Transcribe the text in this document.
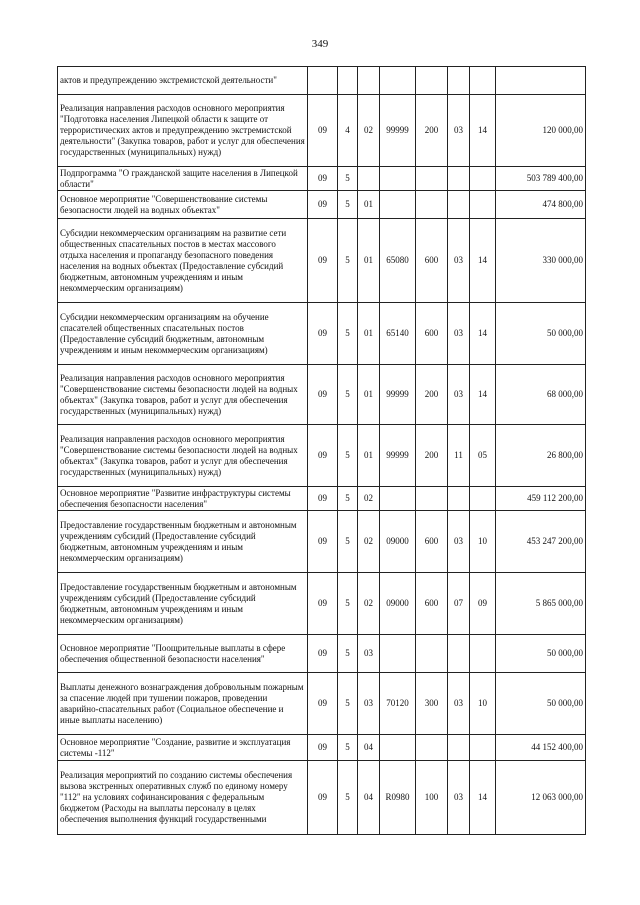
349
актов и предупреждению экстремистской деятельности"								
Реализация направления расходов основного мероприятия "Подготовка населения Липецкой области к защите от террористических актов и предупреждению экстремистской деятельности" (Закупка товаров, работ и услуг для обеспечения государственных (муниципальных) нужд)	09	4	02	99999	200	03	14	120 000,00
Подпрограмма "О гражданской защите населения в Липецкой области"	09	5						503 789 400,00
Основное мероприятие "Совершенствование системы безопасности людей на водных объектах"	09	5	01					474 800,00
Субсидии некоммерческим организациям на развитие сети общественных спасательных постов в местах массового отдыха населения и пропаганду безопасного поведения населения на водных объектах (Предоставление субсидий бюджетным, автономным учреждениям и иным некоммерческим организациям)	09	5	01	65080	600	03	14	330 000,00
Субсидии некоммерческим организациям на обучение спасателей общественных спасательных постов (Предоставление субсидий бюджетным, автономным учреждениям и иным некоммерческим организациям)	09	5	01	65140	600	03	14	50 000,00
Реализация направления расходов основного мероприятия "Совершенствование системы безопасности людей на водных объектах" (Закупка товаров, работ и услуг для обеспечения государственных (муниципальных) нужд)	09	5	01	99999	200	03	14	68 000,00
Реализация направления расходов основного мероприятия "Совершенствование системы безопасности людей на водных объектах" (Закупка товаров, работ и услуг для обеспечения государственных (муниципальных) нужд)	09	5	01	99999	200	11	05	26 800,00
Основное мероприятие "Развитие инфраструктуры системы обеспечения безопасности населения"	09	5	02					459 112 200,00
Предоставление государственным бюджетным и автономным учреждениям субсидий (Предоставление субсидий бюджетным, автономным учреждениям и иным некоммерческим организациям)	09	5	02	09000	600	03	10	453 247 200,00
Предоставление государственным бюджетным и автономным учреждениям субсидий (Предоставление субсидий бюджетным, автономным учреждениям и иным некоммерческим организациям)	09	5	02	09000	600	07	09	5 865 000,00
Основное мероприятие "Поощрительные выплаты в сфере обеспечения общественной безопасности населения"	09	5	03					50 000,00
Выплаты денежного вознаграждения добровольным пожарным за спасение людей при тушении пожаров, проведении аварийно-спасательных работ (Социальное обеспечение и иные выплаты населению)	09	5	03	70120	300	03	10	50 000,00
Основное мероприятие "Создание, развитие и эксплуатация системы -112"	09	5	04					44 152 400,00
Реализация мероприятий по созданию системы обеспечения вызова экстренных оперативных служб по единому номеру "112" на условиях софинансирования с федеральным бюджетом (Расходы на выплаты персоналу в целях обеспечения выполнения функций государственными	09	5	04	R0980	100	03	14	12 063 000,00
